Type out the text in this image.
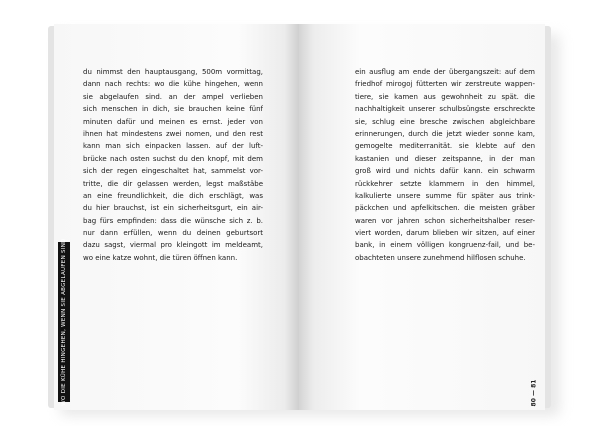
du nimmst den hauptausgang, 500m vormittag,
dann nach rechts: wo die kühe hingehen, wenn
sie abgelaufen sind. an der ampel verlieben
sich menschen in dich, sie brauchen keine fünf
minuten dafür und meinen es ernst. jeder von
ihnen hat mindestens zwei nomen, und den rest
kann man sich einpacken lassen. auf der luft-
brücke nach osten suchst du den knopf, mit dem
sich der regen eingeschaltet hat, sammelst vor-
tritte, die dir gelassen werden, legst maßstäbe
an eine freundlichkeit, die dich erschlägt, was
du hier brauchst, ist ein sicherheitsgurt, ein air-
bag fürs empfinden: dass die wünsche sich z. b.
nur dann erfüllen, wenn du deinen geburtsort
dazu sagst, viermal pro kleingott im meldeamt,
wo eine katze wohnt, die türen öffnen kann.
ein ausflug am ende der übergangszeit: auf dem
friedhof mirogoj fütterten wir zerstreute wappen-
tiere, sie kamen aus gewohnheit zu spät. die
nachhaltigkeit unserer schulbsüngste erschreckte
sie, schlug eine bresche zwischen abgleichbare
erinnerungen, durch die jetzt wieder sonne kam,
gemogelte mediterranität. sie klebte auf den
kastanien und dieser zeitspanne, in der man
groß wird und nichts dafür kann. ein schwarm
rückkehrer setzte klammern in den himmel,
kalkulierte unsere summe für später aus trink-
päckchen und apfelkitschen. die meisten gräber
waren vor jahren schon sicherheitshalber reser-
viert worden, darum blieben wir sitzen, auf einer
bank, in einem völligen kongruenz-fail, und be-
obachteten unsere zunehmend hilflosen schuhe.
WO DIE KÜHE HINGEHEN, WENN SIE ABGELAUFEN SIND	80 — 81
